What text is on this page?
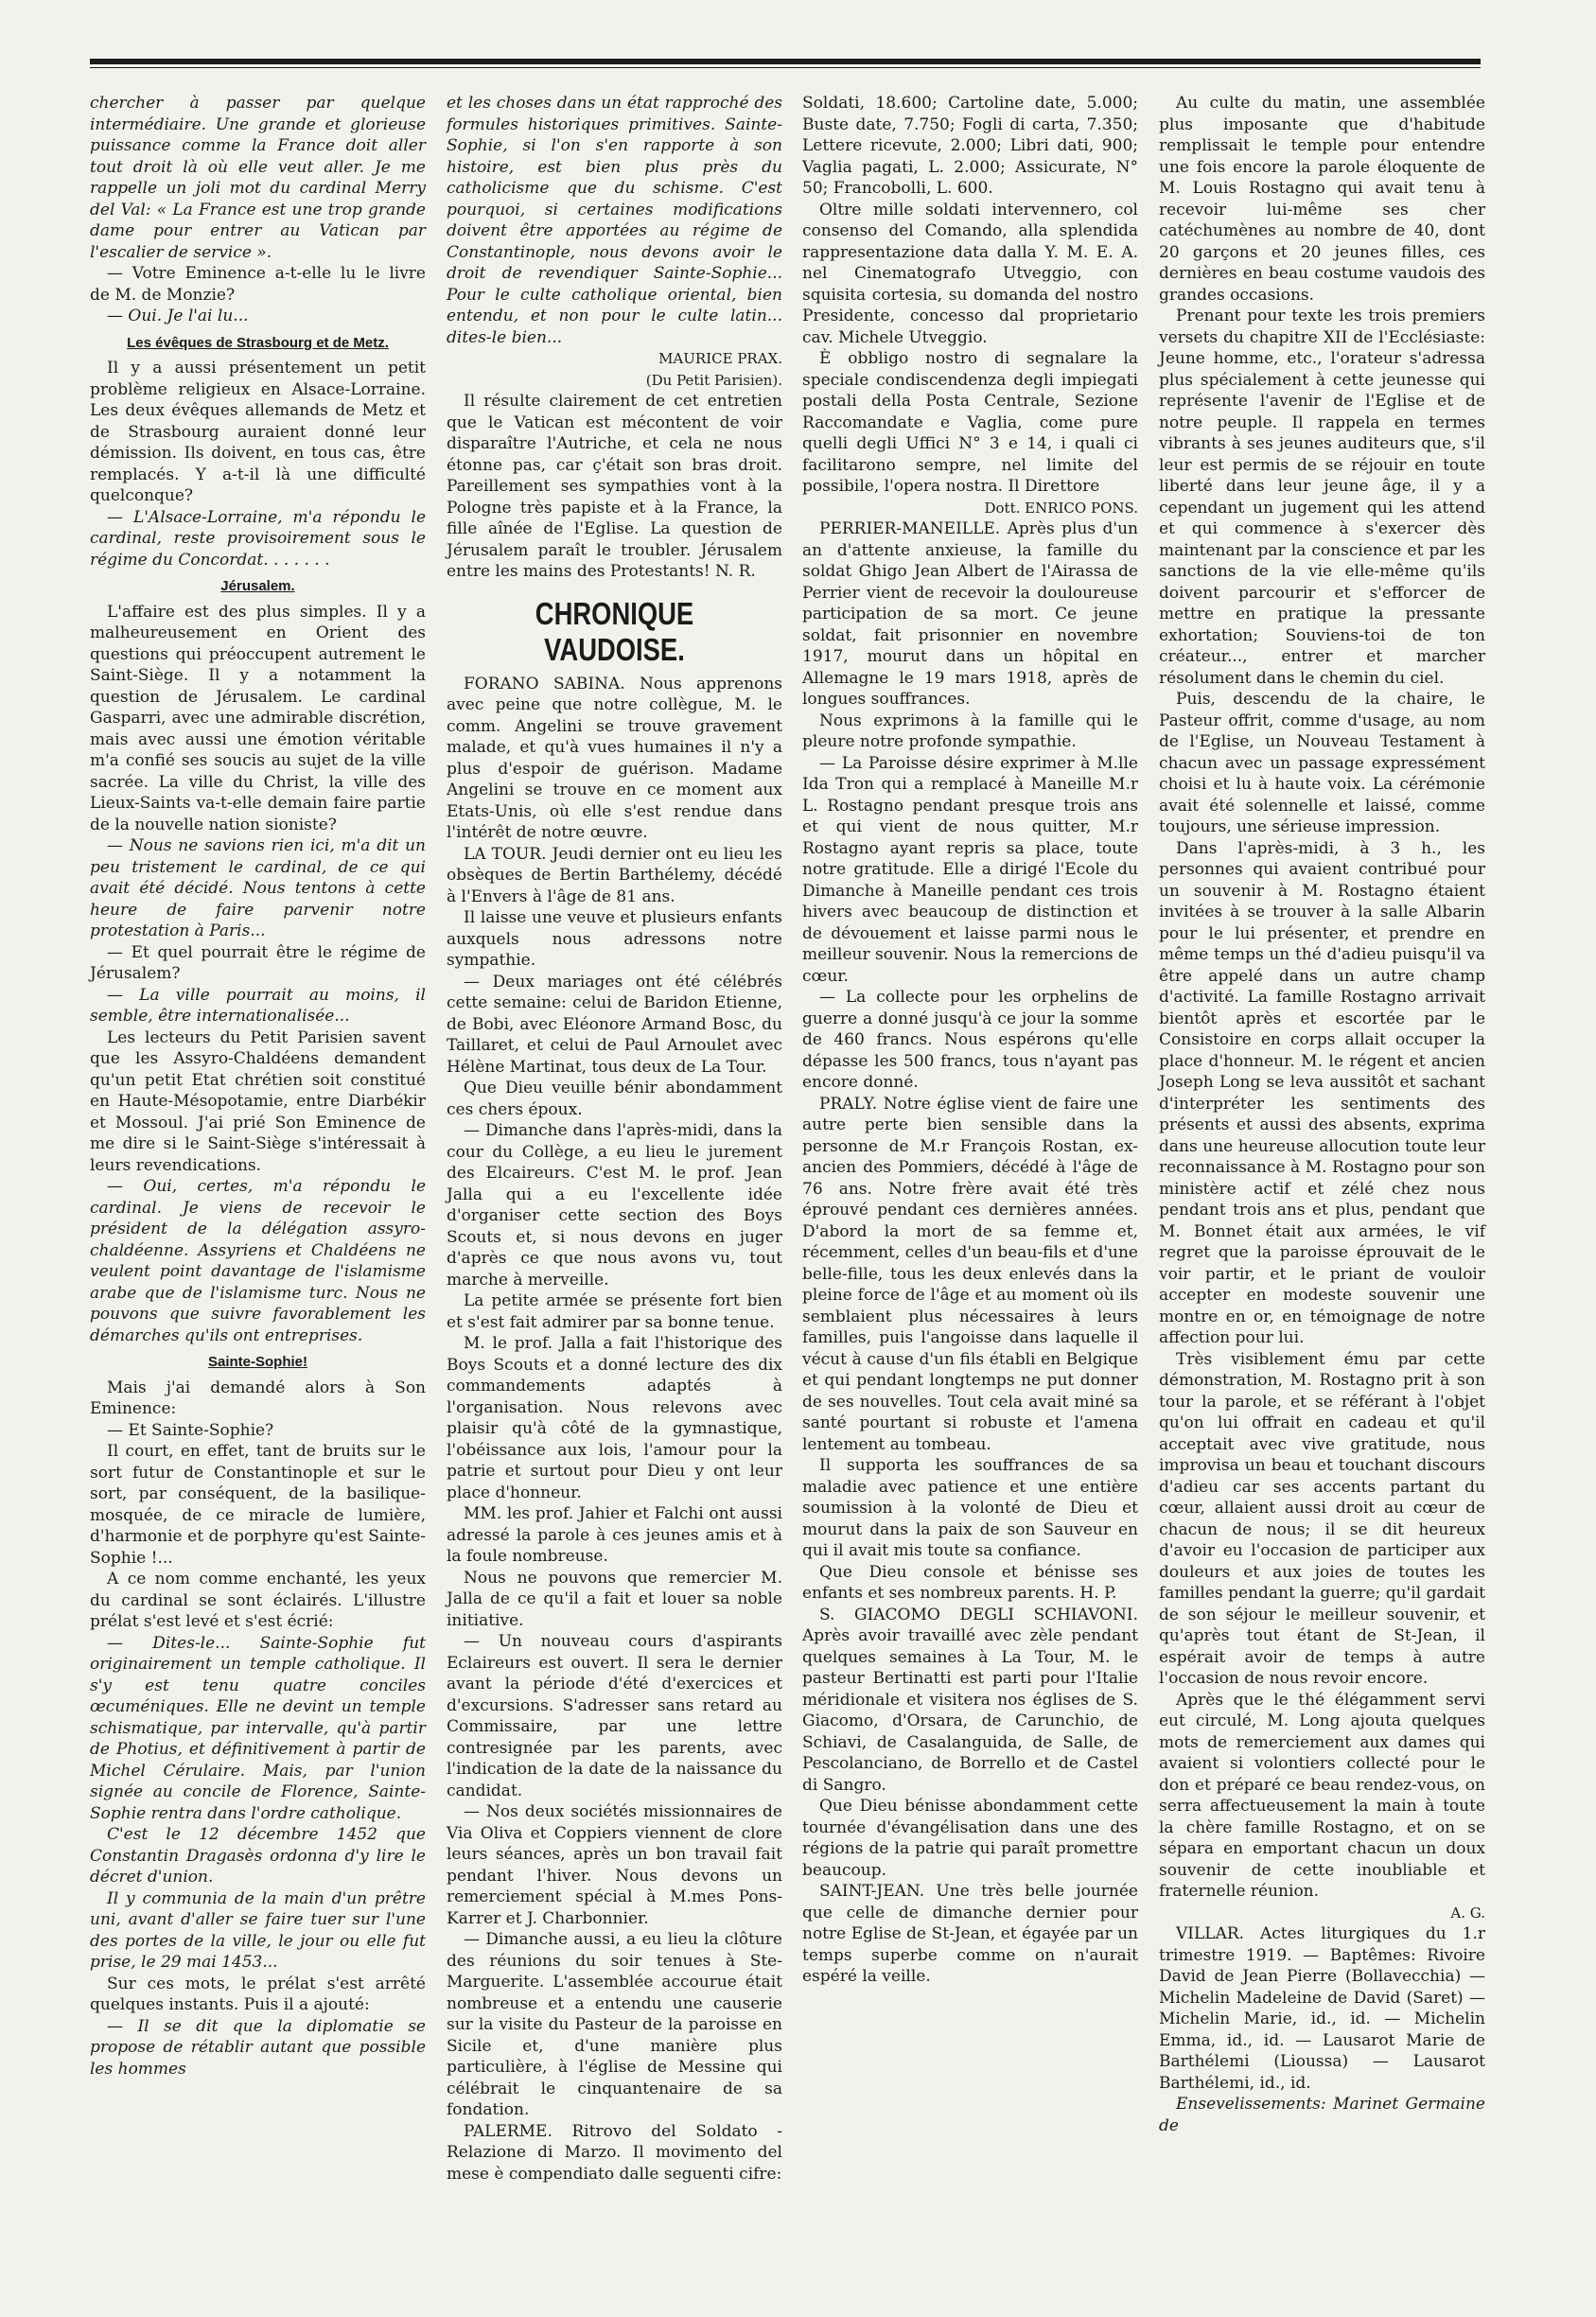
chercher à passer par quelque intermédiaire. Une grande et glorieuse puissance comme la France doit aller tout droit là où elle veut aller. Je me rappelle un joli mot du cardinal Merry del Val: « La France est une trop grande dame pour entrer au Vatican par l'escalier de service ».

— Votre Eminence a-t-elle lu le livre de M. de Monzie?

— Oui. Je l'ai lu...

Les évêques de Strasbourg et de Metz.

Il y a aussi présentement un petit problème religieux en Alsace-Lorraine. Les deux évêques allemands de Metz et de Strasbourg auraient donné leur démission. Ils doivent, en tous cas, être remplacés. Y a-t-il là une difficulté quelconque?

— L'Alsace-Lorraine, m'a répondu le cardinal, reste provisoirement sous le régime du Concordat. . . . . . .

Jérusalem.

L'affaire est des plus simples. Il y a malheureusement en Orient des questions qui préoccupent autrement le Saint-Siège. Il y a notamment la question de Jérusalem. Le cardinal Gasparri, avec une admirable discrétion, mais avec aussi une émotion véritable m'a confié ses soucis au sujet de la ville sacrée. La ville du Christ, la ville des Lieux-Saints va-t-elle demain faire partie de la nouvelle nation sioniste?

— Nous ne savions rien ici, m'a dit un peu tristement le cardinal, de ce qui avait été décidé. Nous tentons à cette heure de faire parvenir notre protestation à Paris...

— Et quel pourrait être le régime de Jérusalem?

— La ville pourrait au moins, il semble, être internationalisée...

Les lecteurs du Petit Parisien savent que les Assyro-Chaldéens demandent qu'un petit Etat chrétien soit constitué en Haute-Mésopotamie, entre Diarbékir et Mossoul. J'ai prié Son Eminence de me dire si le Saint-Siège s'intéressait à leurs revendications.

— Oui, certes, m'a répondu le cardinal. Je viens de recevoir le président de la délégation assyro-chaldéenne. Assyriens et Chaldéens ne veulent point davantage de l'islamisme arabe que de l'islamisme turc. Nous ne pouvons que suivre favorablement les démarches qu'ils ont entreprises.

Sainte-Sophie!

Mais j'ai demandé alors à Son Eminence:

— Et Sainte-Sophie?

Il court, en effet, tant de bruits sur le sort futur de Constantinople et sur le sort, par conséquent, de la basilique-mosquée, de ce miracle de lumière, d'harmonie et de porphyre qu'est Sainte-Sophie !...

A ce nom comme enchanté, les yeux du cardinal se sont éclairés. L'illustre prélat s'est levé et s'est écrié:

— Dites-le... Sainte-Sophie fut originairement un temple catholique. Il s'y est tenu quatre conciles œcuméniques. Elle ne devint un temple schismatique, par intervalle, qu'à partir de Photius, et définitivement à partir de Michel Cérulaire. Mais, par l'union signée au concile de Florence, Sainte-Sophie rentra dans l'ordre catholique.

C'est le 12 décembre 1452 que Constantin Dragasès ordonna d'y lire le décret d'union.

Il y communia de la main d'un prêtre uni, avant d'aller se faire tuer sur l'une des portes de la ville, le jour ou elle fut prise, le 29 mai 1453...

Sur ces mots, le prélat s'est arrêté quelques instants. Puis il a ajouté:

— Il se dit que la diplomatie se propose de rétablir autant que possible les hommes

et les choses dans un état rapproché des formules historiques primitives. Sainte-Sophie, si l'on s'en rapporte à son histoire, est bien plus près du catholicisme que du schisme. C'est pourquoi, si certaines modifications doivent être apportées au régime de Constantinople, nous devons avoir le droit de revendiquer Sainte-Sophie... Pour le culte catholique oriental, bien entendu, et non pour le culte latin... dites-le bien...

MAURICE PRAX.

(Du Petit Parisien).

Il résulte clairement de cet entretien que le Vatican est mécontent de voir disparaître l'Autriche, et cela ne nous étonne pas, car ç'était son bras droit. Pareillement ses sympathies vont à la Pologne très papiste et à la France, la fille aînée de l'Eglise. La question de Jérusalem paraît le troubler. Jérusalem entre les mains des Protestants! N. R.

CHRONIQUE VAUDOISE.

FORANO SABINA. Nous apprenons avec peine que notre collègue, M. le comm. Angelini se trouve gravement malade, et qu'à vues humaines il n'y a plus d'espoir de guérison. Madame Angelini se trouve en ce moment aux Etats-Unis, où elle s'est rendue dans l'intérêt de notre œuvre.

LA TOUR. Jeudi dernier ont eu lieu les obsèques de Bertin Barthélemy, décédé à l'Envers à l'âge de 81 ans.

Il laisse une veuve et plusieurs enfants auxquels nous adressons notre sympathie.

— Deux mariages ont été célébrés cette semaine: celui de Baridon Etienne, de Bobi, avec Eléonore Armand Bosc, du Taillaret, et celui de Paul Arnoulet avec Hélène Martinat, tous deux de La Tour.

Que Dieu veuille bénir abondamment ces chers époux.

— Dimanche dans l'après-midi, dans la cour du Collège, a eu lieu le jurement des Elcaireurs. C'est M. le prof. Jean Jalla qui a eu l'excellente idée d'organiser cette section des Boys Scouts et, si nous devons en juger d'après ce que nous avons vu, tout marche à merveille.

La petite armée se présente fort bien et s'est fait admirer par sa bonne tenue.

M. le prof. Jalla a fait l'historique des Boys Scouts et a donné lecture des dix commandements adaptés à l'organisation. Nous relevons avec plaisir qu'à côté de la gymnastique, l'obéissance aux lois, l'amour pour la patrie et surtout pour Dieu y ont leur place d'honneur.

MM. les prof. Jahier et Falchi ont aussi adressé la parole à ces jeunes amis et à la foule nombreuse.

Nous ne pouvons que remercier M. Jalla de ce qu'il a fait et louer sa noble initiative.

— Un nouveau cours d'aspirants Eclaireurs est ouvert. Il sera le dernier avant la période d'été d'exercices et d'excursions. S'adresser sans retard au Commissaire, par une lettre contresignée par les parents, avec l'indication de la date de la naissance du candidat.

— Nos deux sociétés missionnaires de Via Oliva et Coppiers viennent de clore leurs séances, après un bon travail fait pendant l'hiver. Nous devons un remerciement spécial à M.mes Pons-Karrer et J. Charbonnier.

— Dimanche aussi, a eu lieu la clôture des réunions du soir tenues à Ste-Marguerite. L'assemblée accourue était nombreuse et a entendu une causerie sur la visite du Pasteur de la paroisse en Sicile et, d'une manière plus particulière, à l'église de Messine qui célébrait le cinquantenaire de sa fondation.

PALERME. Ritrovo del Soldato - Relazione di Marzo. Il movimento del mese è compendiato dalle seguenti cifre:

Soldati, 18.600; Cartoline date, 5.000; Buste date, 7.750; Fogli di carta, 7.350; Lettere ricevute, 2.000; Libri dati, 900; Vaglia pagati, L. 2.000; Assicurate, N° 50; Francobolli, L. 600.

Oltre mille soldati intervennero, col consenso del Comando, alla splendida rappresentazione data dalla Y. M. E. A. nel Cinematografo Utveggio, con squisita cortesia, su domanda del nostro Presidente, concesso dal proprietario cav. Michele Utveggio.

È obbligo nostro di segnalare la speciale condiscendenza degli impiegati postali della Posta Centrale, Sezione Raccomandate e Vaglia, come pure quelli degli Uffici N° 3 e 14, i quali ci facilitarono sempre, nel limite del possibile, l'opera nostra. Il Direttore

Dott. ENRICO PONS.

PERRIER-MANEILLE. Après plus d'un an d'attente anxieuse, la famille du soldat Ghigo Jean Albert de l'Airassa de Perrier vient de recevoir la douloureuse participation de sa mort. Ce jeune soldat, fait prisonnier en novembre 1917, mourut dans un hôpital en Allemagne le 19 mars 1918, après de longues souffrances.

Nous exprimons à la famille qui le pleure notre profonde sympathie.

— La Paroisse désire exprimer à M.lle Ida Tron qui a remplacé à Maneille M.r L. Rostagno pendant presque trois ans et qui vient de nous quitter, M.r Rostagno ayant repris sa place, toute notre gratitude. Elle a dirigé l'Ecole du Dimanche à Maneille pendant ces trois hivers avec beaucoup de distinction et de dévouement et laisse parmi nous le meilleur souvenir. Nous la remercions de cœur.

— La collecte pour les orphelins de guerre a donné jusqu'à ce jour la somme de 460 francs. Nous espérons qu'elle dépasse les 500 francs, tous n'ayant pas encore donné.

PRALY. Notre église vient de faire une autre perte bien sensible dans la personne de M.r François Rostan, ex-ancien des Pommiers, décédé à l'âge de 76 ans. Notre frère avait été très éprouvé pendant ces dernières années. D'abord la mort de sa femme et, récemment, celles d'un beau-fils et d'une belle-fille, tous les deux enlevés dans la pleine force de l'âge et au moment où ils semblaient plus nécessaires à leurs familles, puis l'angoisse dans laquelle il vécut à cause d'un fils établi en Belgique et qui pendant longtemps ne put donner de ses nouvelles. Tout cela avait miné sa santé pourtant si robuste et l'amena lentement au tombeau.

Il supporta les souffrances de sa maladie avec patience et une entière soumission à la volonté de Dieu et mourut dans la paix de son Sauveur en qui il avait mis toute sa confiance.

Que Dieu console et bénisse ses enfants et ses nombreux parents. H. P.

S. GIACOMO DEGLI SCHIAVONI. Après avoir travaillé avec zèle pendant quelques semaines à La Tour, M. le pasteur Bertinatti est parti pour l'Italie méridionale et visitera nos églises de S. Giacomo, d'Orsara, de Carunchio, de Schiavi, de Casalanguida, de Salle, de Pescolanciano, de Borrello et de Castel di Sangro.

Que Dieu bénisse abondamment cette tournée d'évangélisation dans une des régions de la patrie qui paraît promettre beaucoup.

SAINT-JEAN. Une très belle journée que celle de dimanche dernier pour notre Eglise de St-Jean, et égayée par un temps superbe comme on n'aurait espéré la veille.

Au culte du matin, une assemblée plus imposante que d'habitude remplissait le temple pour entendre une fois encore la parole éloquente de M. Louis Rostagno qui avait tenu à recevoir lui-même ses cher catéchumènes au nombre de 40, dont 20 garçons et 20 jeunes filles, ces dernières en beau costume vaudois des grandes occasions.

Prenant pour texte les trois premiers versets du chapitre XII de l'Ecclésiaste: Jeune homme, etc., l'orateur s'adressa plus spécialement à cette jeunesse qui représente l'avenir de l'Eglise et de notre peuple. Il rappela en termes vibrants à ses jeunes auditeurs que, s'il leur est permis de se réjouir en toute liberté dans leur jeune âge, il y a cependant un jugement qui les attend et qui commence à s'exercer dès maintenant par la conscience et par les sanctions de la vie elle-même qu'ils doivent parcourir et s'efforcer de mettre en pratique la pressante exhortation; Souviens-toi de ton créateur..., entrer et marcher résolument dans le chemin du ciel.

Puis, descendu de la chaire, le Pasteur offrit, comme d'usage, au nom de l'Eglise, un Nouveau Testament à chacun avec un passage expressément choisi et lu à haute voix. La cérémonie avait été solennelle et laissé, comme toujours, une sérieuse impression.

Dans l'après-midi, à 3 h., les personnes qui avaient contribué pour un souvenir à M. Rostagno étaient invitées à se trouver à la salle Albarin pour le lui présenter, et prendre en même temps un thé d'adieu puisqu'il va être appelé dans un autre champ d'activité. La famille Rostagno arrivait bientôt après et escortée par le Consistoire en corps allait occuper la place d'honneur. M. le régent et ancien Joseph Long se leva aussitôt et sachant d'interpréter les sentiments des présents et aussi des absents, exprima dans une heureuse allocution toute leur reconnaissance à M. Rostagno pour son ministère actif et zélé chez nous pendant trois ans et plus, pendant que M. Bonnet était aux armées, le vif regret que la paroisse éprouvait de le voir partir, et le priant de vouloir accepter en modeste souvenir une montre en or, en témoignage de notre affection pour lui.

Très visiblement ému par cette démonstration, M. Rostagno prit à son tour la parole, et se référant à l'objet qu'on lui offrait en cadeau et qu'il acceptait avec vive gratitude, nous improvisa un beau et touchant discours d'adieu car ses accents partant du cœur, allaient aussi droit au cœur de chacun de nous; il se dit heureux d'avoir eu l'occasion de participer aux douleurs et aux joies de toutes les familles pendant la guerre; qu'il gardait de son séjour le meilleur souvenir, et qu'après tout étant de St-Jean, il espérait avoir de temps à autre l'occasion de nous revoir encore.

Après que le thé élégamment servi eut circulé, M. Long ajouta quelques mots de remerciement aux dames qui avaient si volontiers collecté pour le don et préparé ce beau rendez-vous, on serra affectueusement la main à toute la chère famille Rostagno, et on se sépara en emportant chacun un doux souvenir de cette inoubliable et fraternelle réunion.

A. G.

VILLAR. Actes liturgiques du 1.r trimestre 1919. — Baptêmes: Rivoire David de Jean Pierre (Bollavecchia) — Michelin Madeleine de David (Saret) — Michelin Marie, id., id. — Michelin Emma, id., id. — Lausarot Marie de Barthélemi (Lioussa) — Lausarot Barthélemi, id., id.

Ensevelissements: Marinet Germaine de
